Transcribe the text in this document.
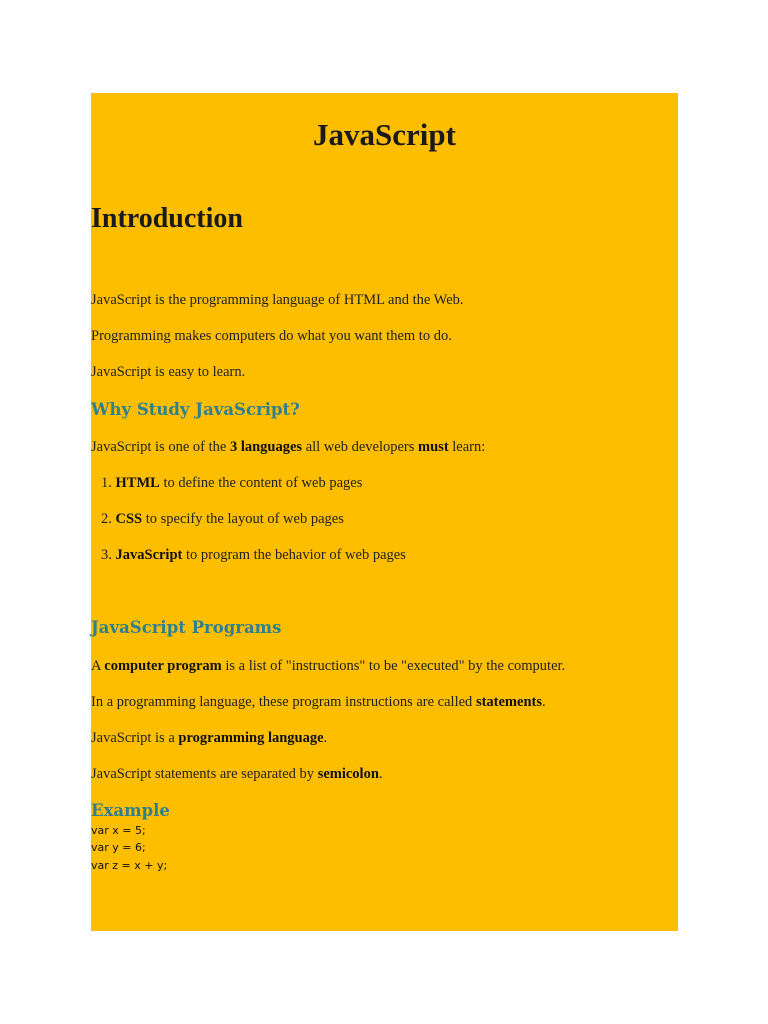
JavaScript
Introduction

JavaScript is the programming language of HTML and the Web.

Programming makes computers do what you want them to do.

JavaScript is easy to learn.

Why Study JavaScript?

JavaScript is one of the 3 languages all web developers must learn:

1. HTML to define the content of web pages

2. CSS to specify the layout of web pages

3. JavaScript to program the behavior of web pages

JavaScript Programs

A computer program is a list of "instructions" to be "executed" by the computer.

In a programming language, these program instructions are called statements.

JavaScript is a programming language.

JavaScript statements are separated by semicolon.

Example
var x = 5;
var y = 6;
var z = x + y;
